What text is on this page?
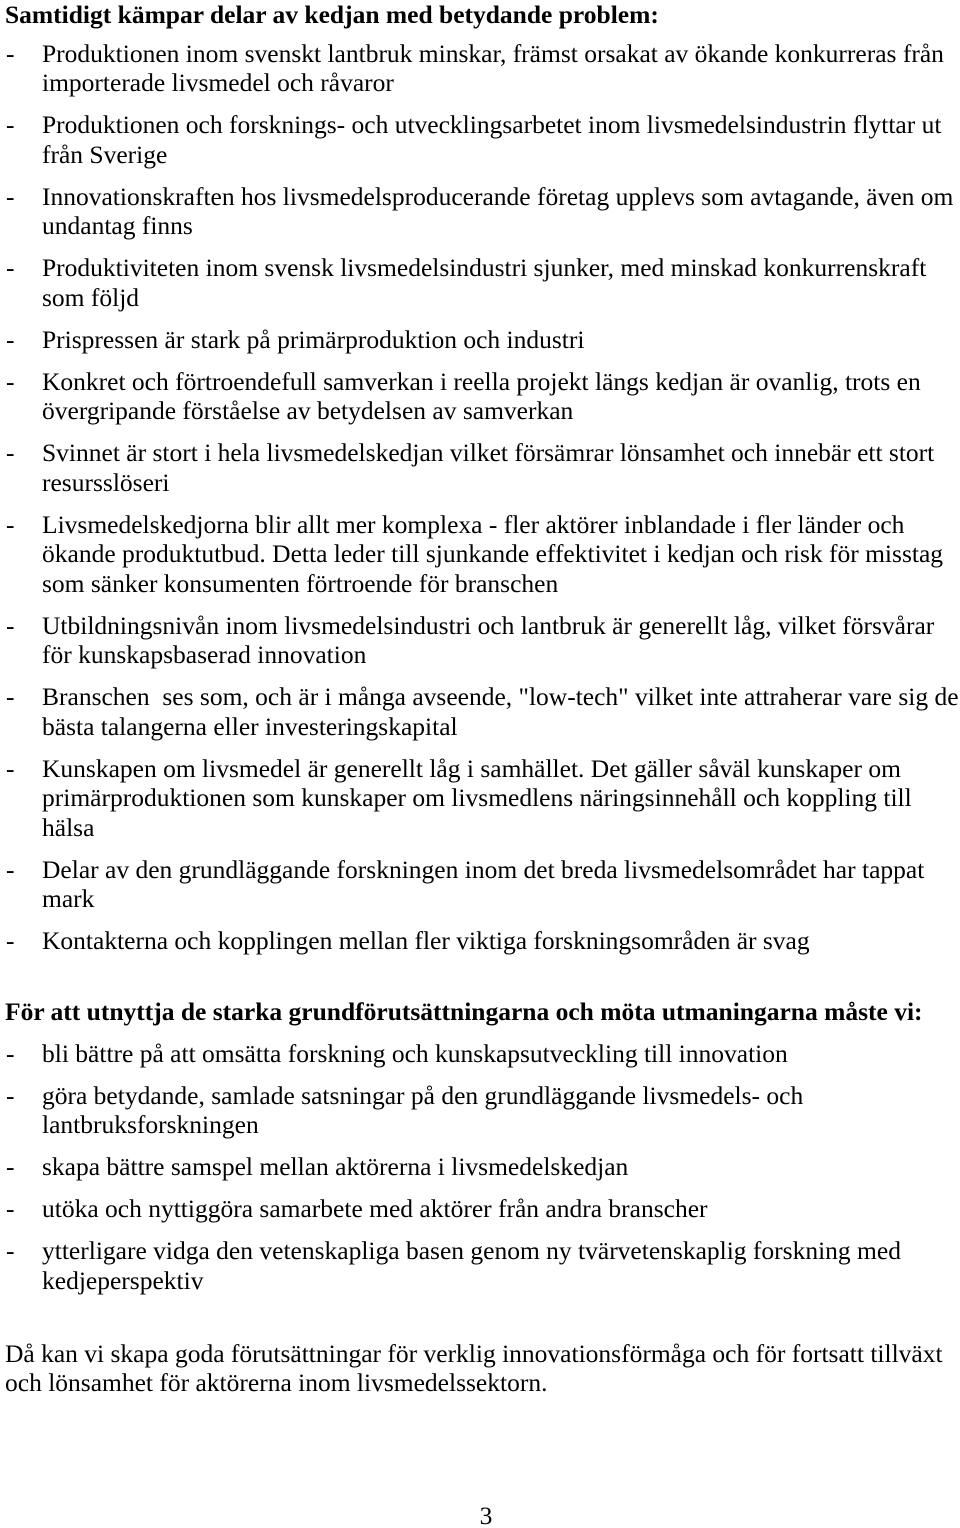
Samtidigt kämpar delar av kedjan med betydande problem:
- Produktionen inom svenskt lantbruk minskar, främst orsakat av ökande konkurreras från
importerade livsmedel och råvaror
- Produktionen och forsknings- och utvecklingsarbetet inom livsmedelsindustrin flyttar ut
från Sverige
- Innovationskraften hos livsmedelsproducerande företag upplevs som avtagande, även om
undantag finns
- Produktiviteten inom svensk livsmedelsindustri sjunker, med minskad konkurrenskraft
som följd
- Prispressen är stark på primärproduktion och industri
- Konkret och förtroendefull samverkan i reella projekt längs kedjan är ovanlig, trots en
övergripande förståelse av betydelsen av samverkan
- Svinnet är stort i hela livsmedelskedjan vilket försämrar lönsamhet och innebär ett stort
resursslöseri
- Livsmedelskedjorna blir allt mer komplexa - fler aktörer inblandade i fler länder och
ökande produktutbud. Detta leder till sjunkande effektivitet i kedjan och risk för misstag
som sänker konsumenten förtroende för branschen
- Utbildningsnivån inom livsmedelsindustri och lantbruk är generellt låg, vilket försvårar
för kunskapsbaserad innovation
- Branschen  ses som, och är i många avseende, "low-tech" vilket inte attraherar vare sig de
bästa talangerna eller investeringskapital
- Kunskapen om livsmedel är generellt låg i samhället. Det gäller såväl kunskaper om
primärproduktionen som kunskaper om livsmedlens näringsinnehåll och koppling till
hälsa
- Delar av den grundläggande forskningen inom det breda livsmedelsområdet har tappat
mark
- Kontakterna och kopplingen mellan fler viktiga forskningsområden är svag
För att utnyttja de starka grundförutsättningarna och möta utmaningarna måste vi:
- bli bättre på att omsätta forskning och kunskapsutveckling till innovation
- göra betydande, samlade satsningar på den grundläggande livsmedels- och
lantbruksforskningen
- skapa bättre samspel mellan aktörerna i livsmedelskedjan
- utöka och nyttiggöra samarbete med aktörer från andra branscher
- ytterligare vidga den vetenskapliga basen genom ny tvärvetenskaplig forskning med
kedjeperspektiv
Då kan vi skapa goda förutsättningar för verklig innovationsförmåga och för fortsatt tillväxt
och lönsamhet för aktörerna inom livsmedelssektorn.
3
